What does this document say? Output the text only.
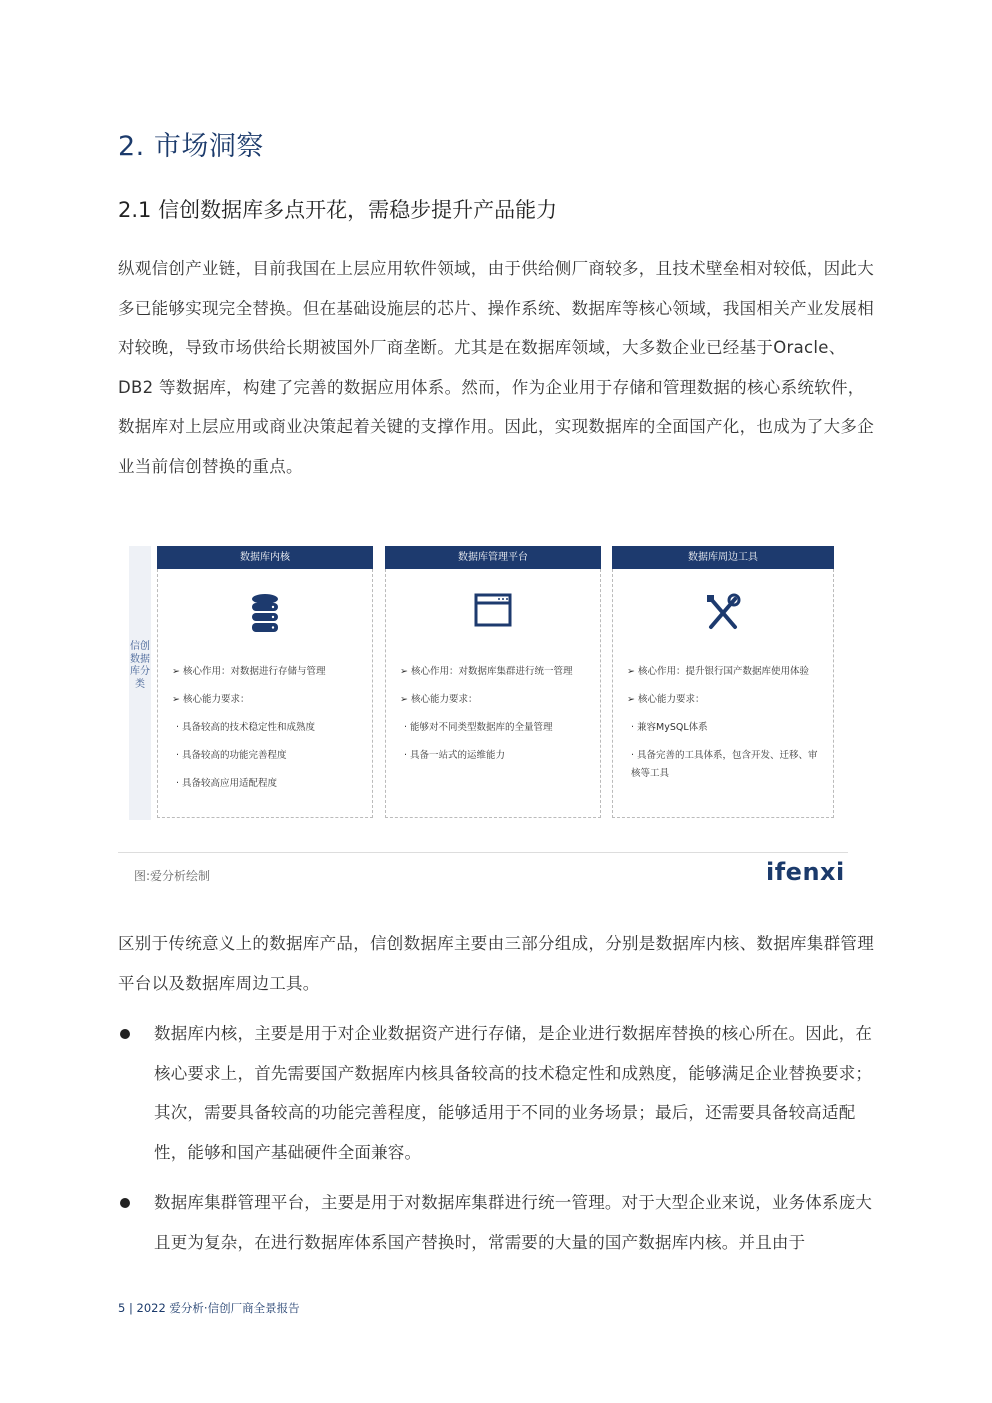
2. 市场洞察
2.1 信创数据库多点开花，需稳步提升产品能力
纵观信创产业链，目前我国在上层应用软件领域，由于供给侧厂商较多，且技术壁垒相对较低，因此大多已能够实现完全替换。但在基础设施层的芯片、操作系统、数据库等核心领域，我国相关产业发展相对较晚，导致市场供给长期被国外厂商垄断。尤其是在数据库领域，大多数企业已经基于Oracle、DB2 等数据库，构建了完善的数据应用体系。然而，作为企业用于存储和管理数据的核心系统软件，数据库对上层应用或商业决策起着关键的支撑作用。因此，实现数据库的全面国产化，也成为了大多企业当前信创替换的重点。
信创数据库分类
数据库内核
➢ 核心作用：对数据进行存储与管理
➢ 核心能力要求：
· 具备较高的技术稳定性和成熟度
· 具备较高的功能完善程度
· 具备较高应用适配程度
数据库管理平台
➢ 核心作用：对数据库集群进行统一管理
➢ 核心能力要求：
· 能够对不同类型数据库的全量管理
· 具备一站式的运维能力
数据库周边工具
➢ 核心作用：提升银行国产数据库使用体验
➢ 核心能力要求：
· 兼容MySQL体系
· 具备完善的工具体系，包含开发、迁移、审核等工具
图:爱分析绘制	ifenxi
区别于传统意义上的数据库产品，信创数据库主要由三部分组成，分别是数据库内核、数据库集群管理平台以及数据库周边工具。
数据库内核，主要是用于对企业数据资产进行存储，是企业进行数据库替换的核心所在。因此，在核心要求上，首先需要国产数据库内核具备较高的技术稳定性和成熟度，能够满足企业替换要求；其次，需要具备较高的功能完善程度，能够适用于不同的业务场景；最后，还需要具备较高适配性，能够和国产基础硬件全面兼容。
数据库集群管理平台，主要是用于对数据库集群进行统一管理。对于大型企业来说，业务体系庞大且更为复杂，在进行数据库体系国产替换时，常需要的大量的国产数据库内核。并且由于
5 | 2022 爱分析·信创厂商全景报告
